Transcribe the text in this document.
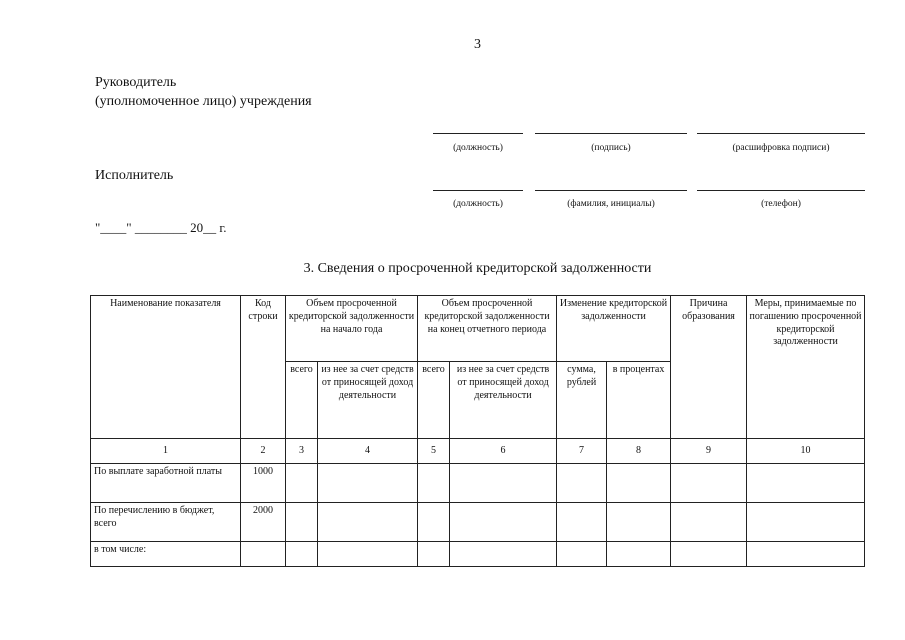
3
Руководитель
(уполномоченное лицо) учреждения
(должность)	(подпись)	(расшифровка подписи)
Исполнитель
(должность)	(фамилия, инициалы)	(телефон)
"____" ________ 20__ г.
3. Сведения о просроченной кредиторской задолженности
Наименование показателя	Код строки	Объем просроченной кредиторской задолженности на начало года		Объем просроченной кредиторской задолженности на конец отчетного периода		Изменение кредиторской задолженности		Причина образования	Меры, принимаемые по погашению просроченной кредиторской задолженности
		всего	из нее за счет средств от приносящей доход деятельности	всего	из нее за счет средств от приносящей доход деятельности	сумма, рублей	в процентах		
1	2	3	4	5	6	7	8	9	10
По выплате заработной платы	1000								
По перечислению в бюджет, всего	2000								
в том числе:									
